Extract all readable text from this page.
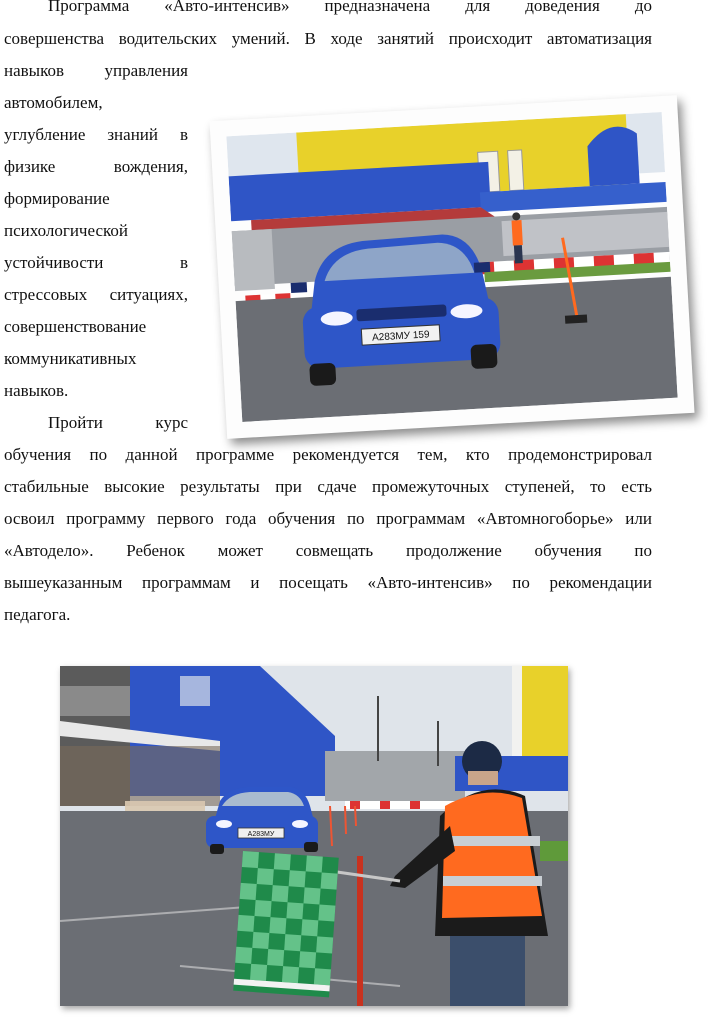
Программа «Авто-интенсив» предназначена для доведения до
совершенства водительских умений. В ходе занятий происходит автоматизация
навыков управления
автомобилем,
углубление знаний в
физике вождения,
формирование
психологической
устойчивости в
стрессовых ситуациях,
совершенствование
коммуникативных
навыков.
Пройти курс
обучения по данной программе рекомендуется тем, кто продемонстрировал
стабильные высокие результаты при сдаче промежуточных ступеней, то есть
освоил программу первого года обучения по программам «Автомногоборье» или
«Автодело». Ребенок может совмещать продолжение обучения по
вышеуказанным программам и посещать «Авто-интенсив» по рекомендации
педагога.
А283МУ 159
А283МУ
